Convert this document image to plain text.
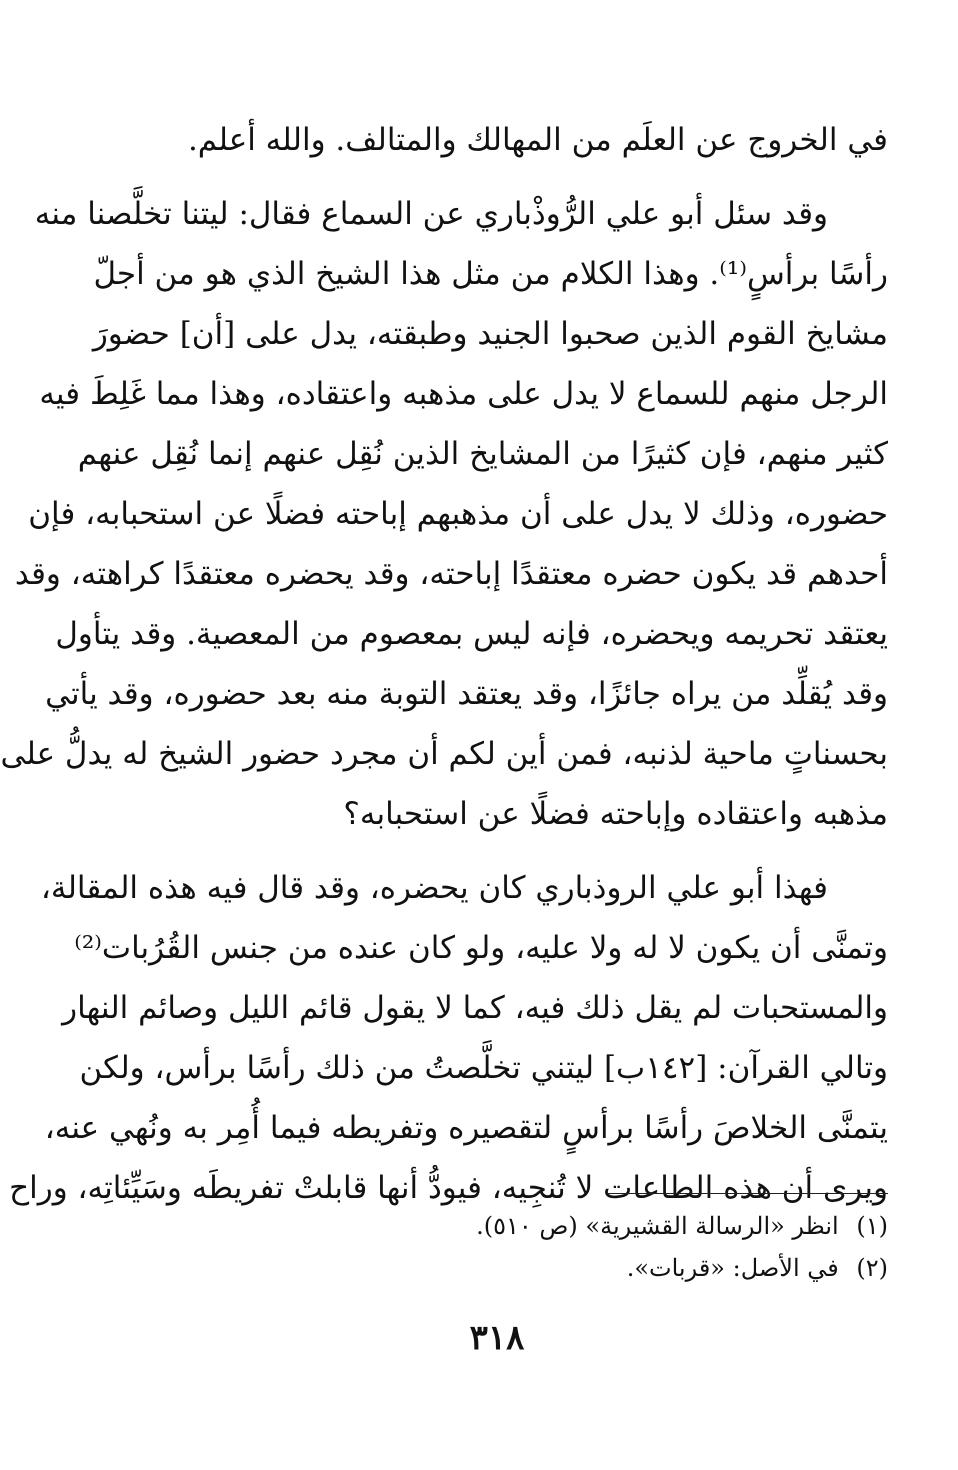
في الخروج عن العلَم من المهالك والمتالف. والله أعلم.
وقد سئل أبو علي الرُّوذْباري عن السماع فقال: ليتنا تخلَّصنا منه
رأسًا برأسٍ⁽¹⁾. وهذا الكلام من مثل هذا الشيخ الذي هو من أجلّ
مشايخ القوم الذين صحبوا الجنيد وطبقته، يدل على [أن] حضورَ
الرجل منهم للسماع لا يدل على مذهبه واعتقاده، وهذا مما غَلِطَ فيه
كثير منهم، فإن كثيرًا من المشايخ الذين نُقِل عنهم إنما نُقِل عنهم
حضوره، وذلك لا يدل على أن مذهبهم إباحته فضلًا عن استحبابه، فإن
أحدهم قد يكون حضره معتقدًا إباحته، وقد يحضره معتقدًا كراهته، وقد
يعتقد تحريمه ويحضره، فإنه ليس بمعصوم من المعصية. وقد يتأول
وقد يُقلِّد من يراه جائزًا، وقد يعتقد التوبة منه بعد حضوره، وقد يأتي
بحسناتٍ ماحية لذنبه، فمن أين لكم أن مجرد حضور الشيخ له يدلُّ على
مذهبه واعتقاده وإباحته فضلًا عن استحبابه؟
فهذا أبو علي الروذباري كان يحضره، وقد قال فيه هذه المقالة،
وتمنَّى أن يكون لا له ولا عليه، ولو كان عنده من جنس القُرُبات⁽²⁾
والمستحبات لم يقل ذلك فيه، كما لا يقول قائم الليل وصائم النهار
وتالي القرآن: [١٤٢ب] ليتني تخلَّصتُ من ذلك رأسًا برأس، ولكن
يتمنَّى الخلاصَ رأسًا برأسٍ لتقصيره وتفريطه فيما أُمِر به ونُهي عنه،
ويرى أن هذه الطاعات لا تُنجِيه، فيودُّ أنها قابلتْ تفريطَه وسَيِّئاتِه، وراح
(١) انظر «الرسالة القشيرية» (ص ٥١٠).
(٢) في الأصل: «قربات».
٣١٨
